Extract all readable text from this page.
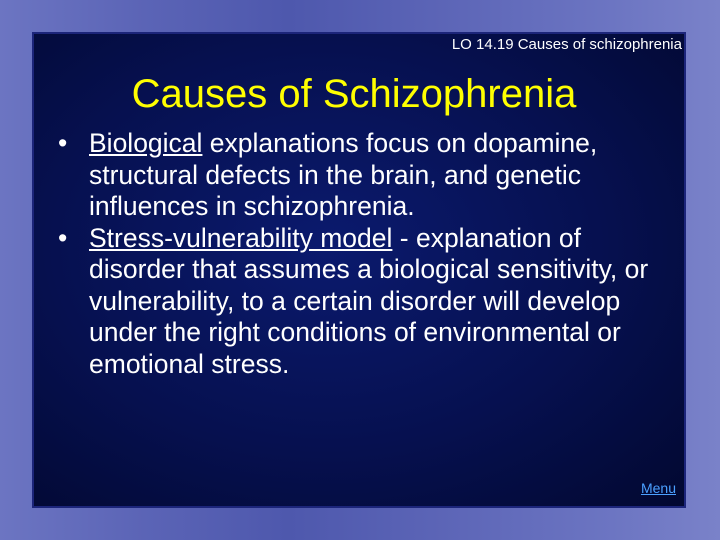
LO 14.19 Causes of schizophrenia
Causes of Schizophrenia
• Biological explanations focus on dopamine, structural defects in the brain, and genetic influences in schizophrenia.
• Stress-vulnerability model - explanation of disorder that assumes a biological sensitivity, or vulnerability, to a certain disorder will develop under the right conditions of environmental or emotional stress.
Menu
